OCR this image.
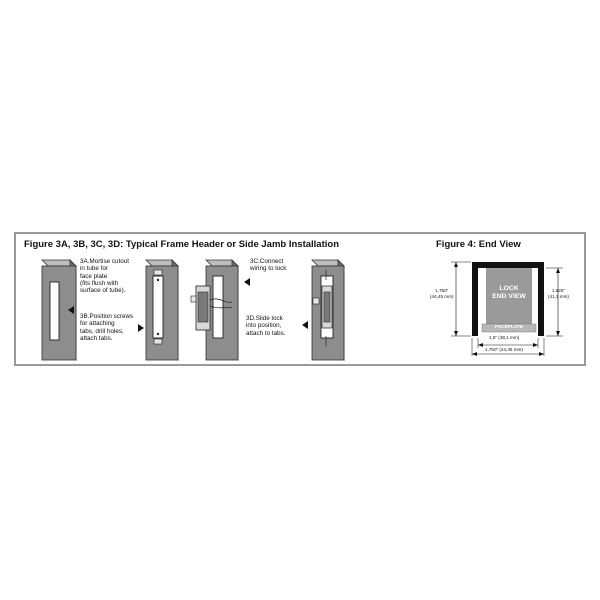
Figure 3A, 3B, 3C, 3D: Typical Frame Header or Side Jamb Installation
3A.Mortise cutout
in tube for
face plate
(fits flush with
surface of tube).
3B.Position screws
for attaching
tabs, drill holes,
attach tabs.
3C.Connect
wiring to lock
3D.Slide lock
into position,
attach to tabs.
Figure 4: End View
LOCK
END VIEW
FACEPLATE
1,750"
(44,45 mm)
1,625"
(41,3 mm)
1,5" (38,1 mm)
1,750" (44,45 mm)
